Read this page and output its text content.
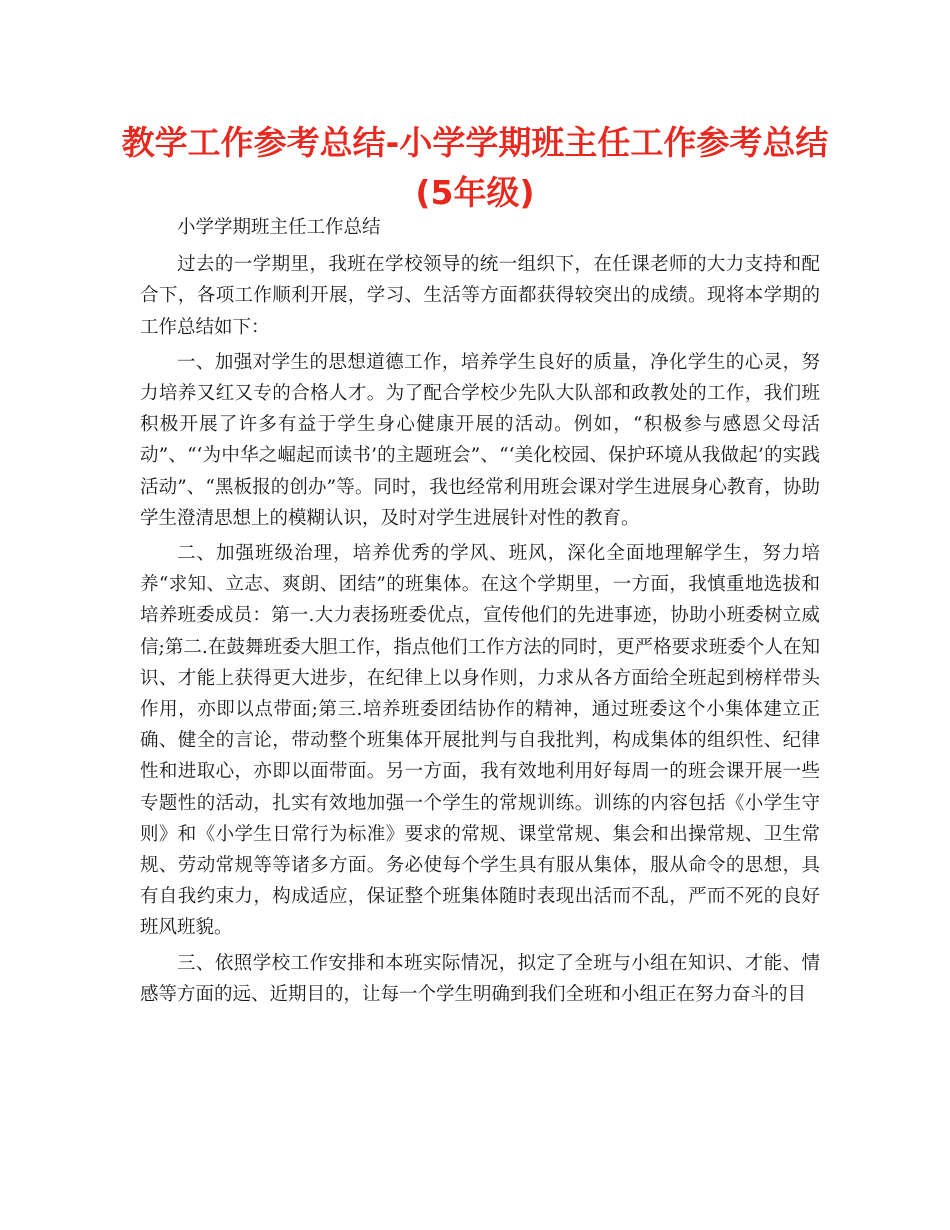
教学工作参考总结-小学学期班主任工作参考总结(5年级)

小学学期班主任工作总结

过去的一学期里，我班在学校领导的统一组织下，在任课老师的大力支持和配合下，各项工作顺利开展，学习、生活等方面都获得较突出的成绩。现将本学期的工作总结如下：

一、加强对学生的思想道德工作，培养学生良好的质量，净化学生的心灵，努力培养又红又专的合格人才。为了配合学校少先队大队部和政教处的工作，我们班积极开展了许多有益于学生身心健康开展的活动。例如，“积极参与感恩父母活动”、“‘为中华之崛起而读书’的主题班会”、“‘美化校园、保护环境从我做起’的实践活动”、“黑板报的创办”等。同时，我也经常利用班会课对学生进展身心教育，协助学生澄清思想上的模糊认识，及时对学生进展针对性的教育。

二、加强班级治理，培养优秀的学风、班风，深化全面地理解学生，努力培养“求知、立志、爽朗、团结”的班集体。在这个学期里，一方面，我慎重地选拔和培养班委成员：第一.大力表扬班委优点，宣传他们的先进事迹，协助小班委树立威信;第二.在鼓舞班委大胆工作，指点他们工作方法的同时，更严格要求班委个人在知识、才能上获得更大进步，在纪律上以身作则，力求从各方面给全班起到榜样带头作用，亦即以点带面;第三.培养班委团结协作的精神，通过班委这个小集体建立正确、健全的言论，带动整个班集体开展批判与自我批判，构成集体的组织性、纪律性和进取心，亦即以面带面。另一方面，我有效地利用好每周一的班会课开展一些专题性的活动，扎实有效地加强一个学生的常规训练。训练的内容包括《小学生守则》和《小学生日常行为标准》要求的常规、课堂常规、集会和出操常规、卫生常规、劳动常规等等诸多方面。务必使每个学生具有服从集体，服从命令的思想，具有自我约束力，构成适应，保证整个班集体随时表现出活而不乱，严而不死的良好班风班貌。

三、依照学校工作安排和本班实际情况，拟定了全班与小组在知识、才能、情感等方面的远、近期目的，让每一个学生明确到我们全班和小组正在努力奋斗的目
